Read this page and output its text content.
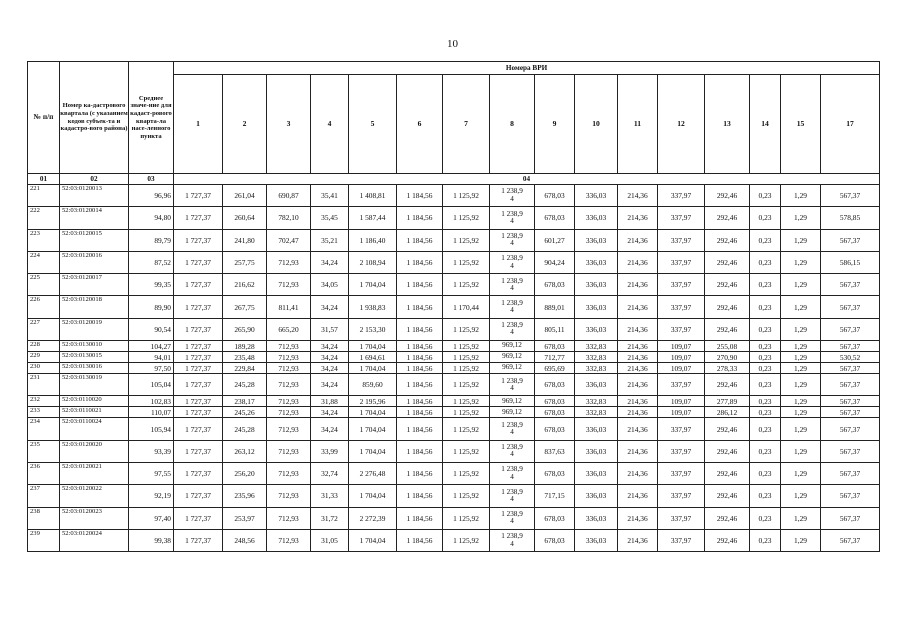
10
№ п/п	Номер ка-дастрового квартала (с указанием кодов субъек-та и кадастро-вого района)	Среднее значе-ние для кадаст-рового кварта-ла насе-ленного пункта	Номера ВРИ															
			1	2	3	4	5	6	7	8	9	10	11	12	13	14	15	17
01	02	03	04															
221	52:03:0120013	96,96	1 727,37	261,04	690,87	35,41	1 408,81	1 184,56	1 125,92	1 238,9
4	678,03	336,03	214,36	337,97	292,46	0,23	1,29	567,37
222	52:03:0120014	94,80	1 727,37	260,64	782,10	35,45	1 587,44	1 184,56	1 125,92	1 238,9
4	678,03	336,03	214,36	337,97	292,46	0,23	1,29	578,85
223	52:03:0120015	89,79	1 727,37	241,80	702,47	35,21	1 186,40	1 184,56	1 125,92	1 238,9
4	601,27	336,03	214,36	337,97	292,46	0,23	1,29	567,37
224	52:03:0120016	87,52	1 727,37	257,75	712,93	34,24	2 108,94	1 184,56	1 125,92	1 238,9
4	904,24	336,03	214,36	337,97	292,46	0,23	1,29	586,15
225	52:03:0120017	99,35	1 727,37	216,62	712,93	34,05	1 704,04	1 184,56	1 125,92	1 238,9
4	678,03	336,03	214,36	337,97	292,46	0,23	1,29	567,37
226	52:03:0120018	89,90	1 727,37	267,75	811,41	34,24	1 938,83	1 184,56	1 170,44	1 238,9
4	889,01	336,03	214,36	337,97	292,46	0,23	1,29	567,37
227	52:03:0120019	90,54	1 727,37	265,90	665,20	31,57	2 153,30	1 184,56	1 125,92	1 238,9
4	805,11	336,03	214,36	337,97	292,46	0,23	1,29	567,37
228	52:03:0130010	104,27	1 727,37	189,28	712,93	34,24	1 704,04	1 184,56	1 125,92	969,12	678,03	332,83	214,36	109,07	255,08	0,23	1,29	567,37
229	52:03:0130015	94,01	1 727,37	235,48	712,93	34,24	1 694,61	1 184,56	1 125,92	969,12	712,77	332,83	214,36	109,07	270,90	0,23	1,29	530,52
230	52:03:0130016	97,50	1 727,37	229,84	712,93	34,24	1 704,04	1 184,56	1 125,92	969,12	695,69	332,83	214,36	109,07	278,33	0,23	1,29	567,37
231	52:03:0130019	105,04	1 727,37	245,28	712,93	34,24	859,60	1 184,56	1 125,92	1 238,9
4	678,03	336,03	214,36	337,97	292,46	0,23	1,29	567,37
232	52:03:0110020	102,83	1 727,37	238,17	712,93	31,88	2 195,96	1 184,56	1 125,92	969,12	678,03	332,83	214,36	109,07	277,89	0,23	1,29	567,37
233	52:03:0110021	110,07	1 727,37	245,26	712,93	34,24	1 704,04	1 184,56	1 125,92	969,12	678,03	332,83	214,36	109,07	286,12	0,23	1,29	567,37
234	52:03:0110024	105,94	1 727,37	245,28	712,93	34,24	1 704,04	1 184,56	1 125,92	1 238,9
4	678,03	336,03	214,36	337,97	292,46	0,23	1,29	567,37
235	52:03:0120020	93,39	1 727,37	263,12	712,93	33,99	1 704,04	1 184,56	1 125,92	1 238,9
4	837,63	336,03	214,36	337,97	292,46	0,23	1,29	567,37
236	52:03:0120021	97,55	1 727,37	256,20	712,93	32,74	2 276,48	1 184,56	1 125,92	1 238,9
4	678,03	336,03	214,36	337,97	292,46	0,23	1,29	567,37
237	52:03:0120022	92,19	1 727,37	235,96	712,93	31,33	1 704,04	1 184,56	1 125,92	1 238,9
4	717,15	336,03	214,36	337,97	292,46	0,23	1,29	567,37
238	52:03:0120023	97,40	1 727,37	253,97	712,93	31,72	2 272,39	1 184,56	1 125,92	1 238,9
4	678,03	336,03	214,36	337,97	292,46	0,23	1,29	567,37
239	52:03:0120024	99,38	1 727,37	248,56	712,93	31,05	1 704,04	1 184,56	1 125,92	1 238,9
4	678,03	336,03	214,36	337,97	292,46	0,23	1,29	567,37
